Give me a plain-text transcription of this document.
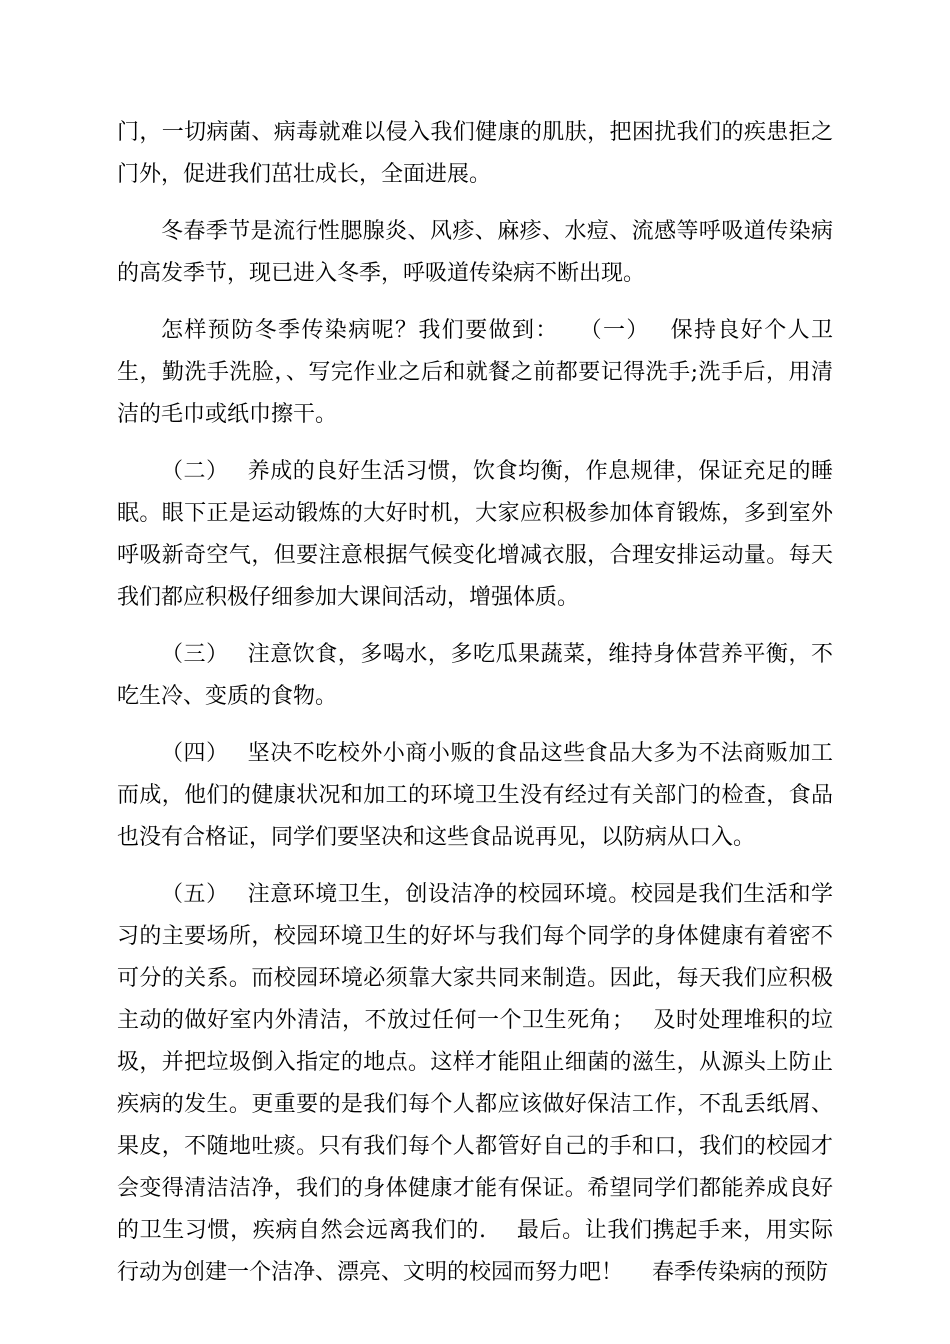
门，一切病菌、病毒就难以侵入我们健康的肌肤，把困扰我们的疾患拒之门外，促进我们茁壮成长，全面进展。

冬春季节是流行性腮腺炎、风疹、麻疹、水痘、流感等呼吸道传染病的高发季节，现已进入冬季，呼吸道传染病不断出现。

怎样预防冬季传染病呢？我们要做到：　 （一）　 保持良好个人卫生，勤洗手洗脸，、写完作业之后和就餐之前都要记得洗手;洗手后，用清洁的毛巾或纸巾擦干。

（二）　 养成的良好生活习惯，饮食均衡，作息规律，保证充足的睡眠。眼下正是运动锻炼的大好时机，大家应积极参加体育锻炼，多到室外呼吸新奇空气，但要注意根据气候变化增减衣服，合理安排运动量。每天我们都应积极仔细参加大课间活动，增强体质。

（三）　 注意饮食，多喝水，多吃瓜果蔬菜，维持身体营养平衡，不吃生冷、变质的食物。

（四）　 坚决不吃校外小商小贩的食品这些食品大多为不法商贩加工而成，他们的健康状况和加工的环境卫生没有经过有关部门的检查，食品也没有合格证，同学们要坚决和这些食品说再见，以防病从口入。

（五）　 注意环境卫生，创设洁净的校园环境。校园是我们生活和学习的主要场所，校园环境卫生的好坏与我们每个同学的身体健康有着密不可分的关系。而校园环境必须靠大家共同来制造。因此，每天我们应积极主动的做好室内外清洁，不放过任何一个卫生死角；　 及时处理堆积的垃圾，并把垃圾倒入指定的地点。这样才能阻止细菌的滋生，从源头上防止疾病的发生。更重要的是我们每个人都应该做好保洁工作，不乱丢纸屑、果皮，不随地吐痰。只有我们每个人都管好自己的手和口，我们的校园才会变得清洁洁净，我们的身体健康才能有保证。希望同学们都能养成良好的卫生习惯，疾病自然会远离我们的.　 最后。让我们携起手来，用实际行动为创建一个洁净、漂亮、文明的校园而努力吧！　 春季传染病的预防
